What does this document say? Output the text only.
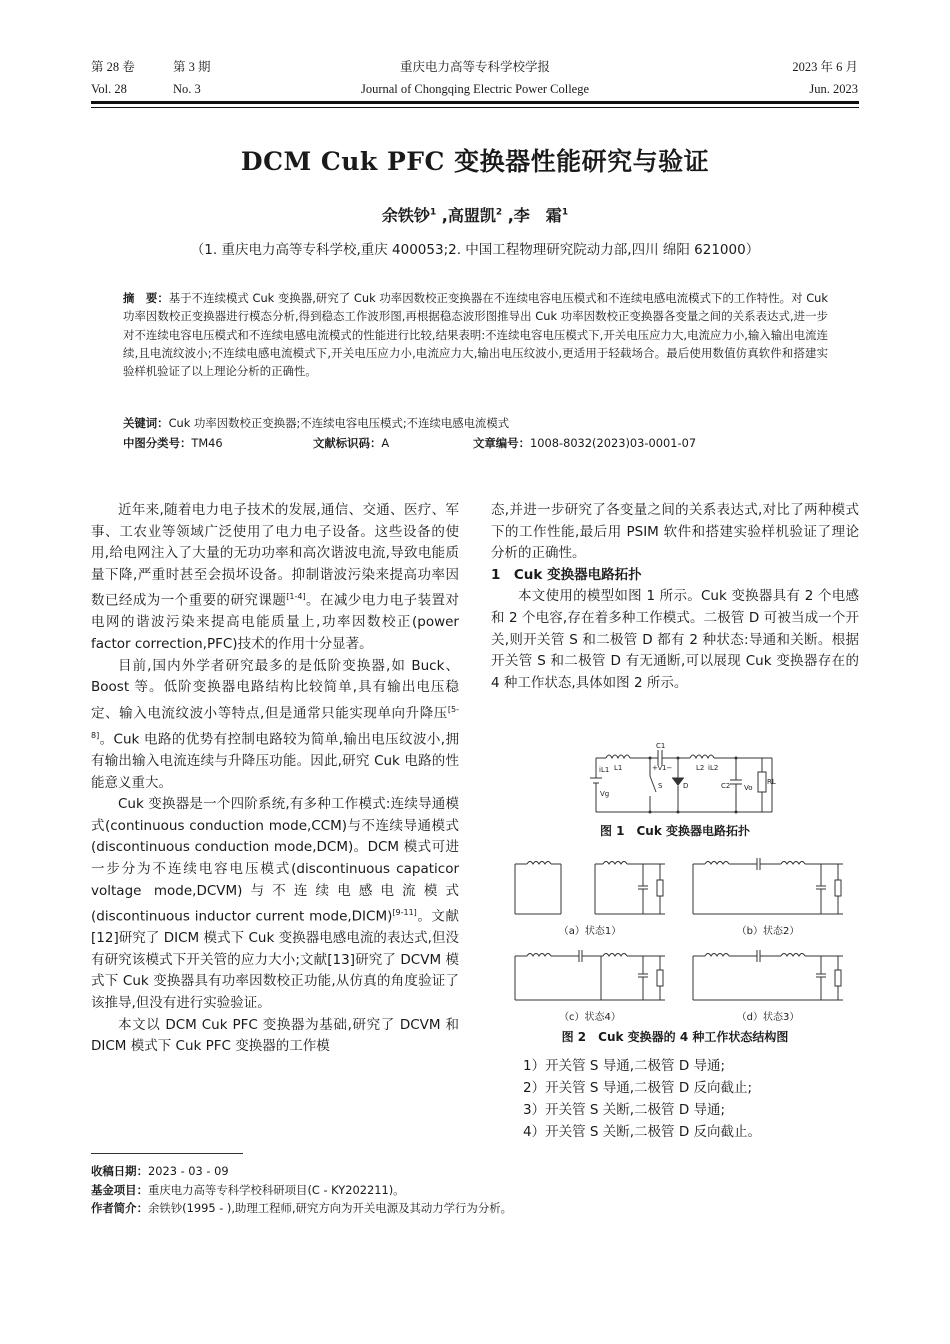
第 28 卷	第 3 期
Vol. 28	No. 3
重庆电力高等专科学校学报
Journal of Chongqing Electric Power College
2023 年 6 月
Jun. 2023
DCM Cuk PFC 变换器性能研究与验证
余铁钞$^1$ ,高盟凯$^2$ ,李　霜$^1$
（1. 重庆电力高等专科学校,重庆 400053;2. 中国工程物理研究院动力部,四川 绵阳 621000）
摘　要：基于不连续模式 Cuk 变换器,研究了 Cuk 功率因数校正变换器在不连续电容电压模式和不连续电感电流模式下的工作特性。对 Cuk 功率因数校正变换器进行模态分析,得到稳态工作波形图,再根据稳态波形图推导出 Cuk 功率因数校正变换器各变量之间的关系表达式,进一步对不连续电容电压模式和不连续电感电流模式的性能进行比较,结果表明:不连续电容电压模式下,开关电压应力大,电流应力小,输入输出电流连续,且电流纹波小;不连续电感电流模式下,开关电压应力小,电流应力大,输出电压纹波小,更适用于轻载场合。最后使用数值仿真软件和搭建实验样机验证了以上理论分析的正确性。
关键词：Cuk 功率因数校正变换器;不连续电容电压模式;不连续电感电流模式
中图分类号：TM46	文献标识码：A	文章编号：1008-8032(2023)03-0001-07

近年来,随着电力电子技术的发展,通信、交通、医疗、军事、工农业等领域广泛使用了电力电子设备。这些设备的使用,给电网注入了大量的无功功率和高次谐波电流,导致电能质量下降,严重时甚至会损坏设备。抑制谐波污染来提高功率因数已经成为一个重要的研究课题[1-4]。在减少电力电子装置对电网的谐波污染来提高电能质量上,功率因数校正(power factor correction,PFC)技术的作用十分显著。

目前,国内外学者研究最多的是低阶变换器,如 Buck、Boost 等。低阶变换器电路结构比较简单,具有输出电压稳定、输入电流纹波小等特点,但是通常只能实现单向升降压[5-8]。Cuk 电路的优势有控制电路较为简单,输出电压纹波小,拥有输出输入电流连续与升降压功能。因此,研究 Cuk 电路的性能意义重大。

Cuk 变换器是一个四阶系统,有多种工作模式:连续导通模式(continuous conduction mode,CCM)与不连续导通模式(discontinuous conduction mode,DCM)。DCM 模式可进一步分为不连续电容电压模式(discontinuous capaticor voltage mode,DCVM)与不连续电感电流模式(discontinuous inductor current mode,DICM)[9-11]。文献[12]研究了 DICM 模式下 Cuk 变换器电感电流的表达式,但没有研究该模式下开关管的应力大小;文献[13]研究了 DCVM 模式下 Cuk 变换器具有功率因数校正功能,从仿真的角度验证了该推导,但没有进行实验验证。

本文以 DCM Cuk PFC 变换器为基础,研究了 DCVM 和 DICM 模式下 Cuk PFC 变换器的工作模

态,并进一步研究了各变量之间的关系表达式,对比了两种模式下的工作性能,最后用 PSIM 软件和搭建实验样机验证了理论分析的正确性。

1　Cuk 变换器电路拓扑

本文使用的模型如图 1 所示。Cuk 变换器具有 2 个电感和 2 个电容,存在着多种工作模式。二极管 D 可被当成一个开关,则开关管 S 和二极管 D 都有 2 种状态:导通和关断。根据开关管 S 和二极管 D 有无通断,可以展现 Cuk 变换器存在的 4 种工作状态,具体如图 2 所示。

iL1 L1
C1
+v1−	L2 iL2
D
S	C2 Vo
RL
Vg
图 1　Cuk 变换器电路拓扑
（a）状态1）	（b）状态2）
（c）状态4）	（d）状态3）
图 2　Cuk 变换器的 4 种工作状态结构图
1）开关管 S 导通,二极管 D 导通;
2）开关管 S 导通,二极管 D 反向截止;
3）开关管 S 关断,二极管 D 导通;
4）开关管 S 关断,二极管 D 反向截止。
收稿日期：2023 - 03 - 09
基金项目：重庆电力高等专科学校科研项目(C - KY202211)。
作者简介：余铁钞(1995 - ),助理工程师,研究方向为开关电源及其动力学行为分析。
